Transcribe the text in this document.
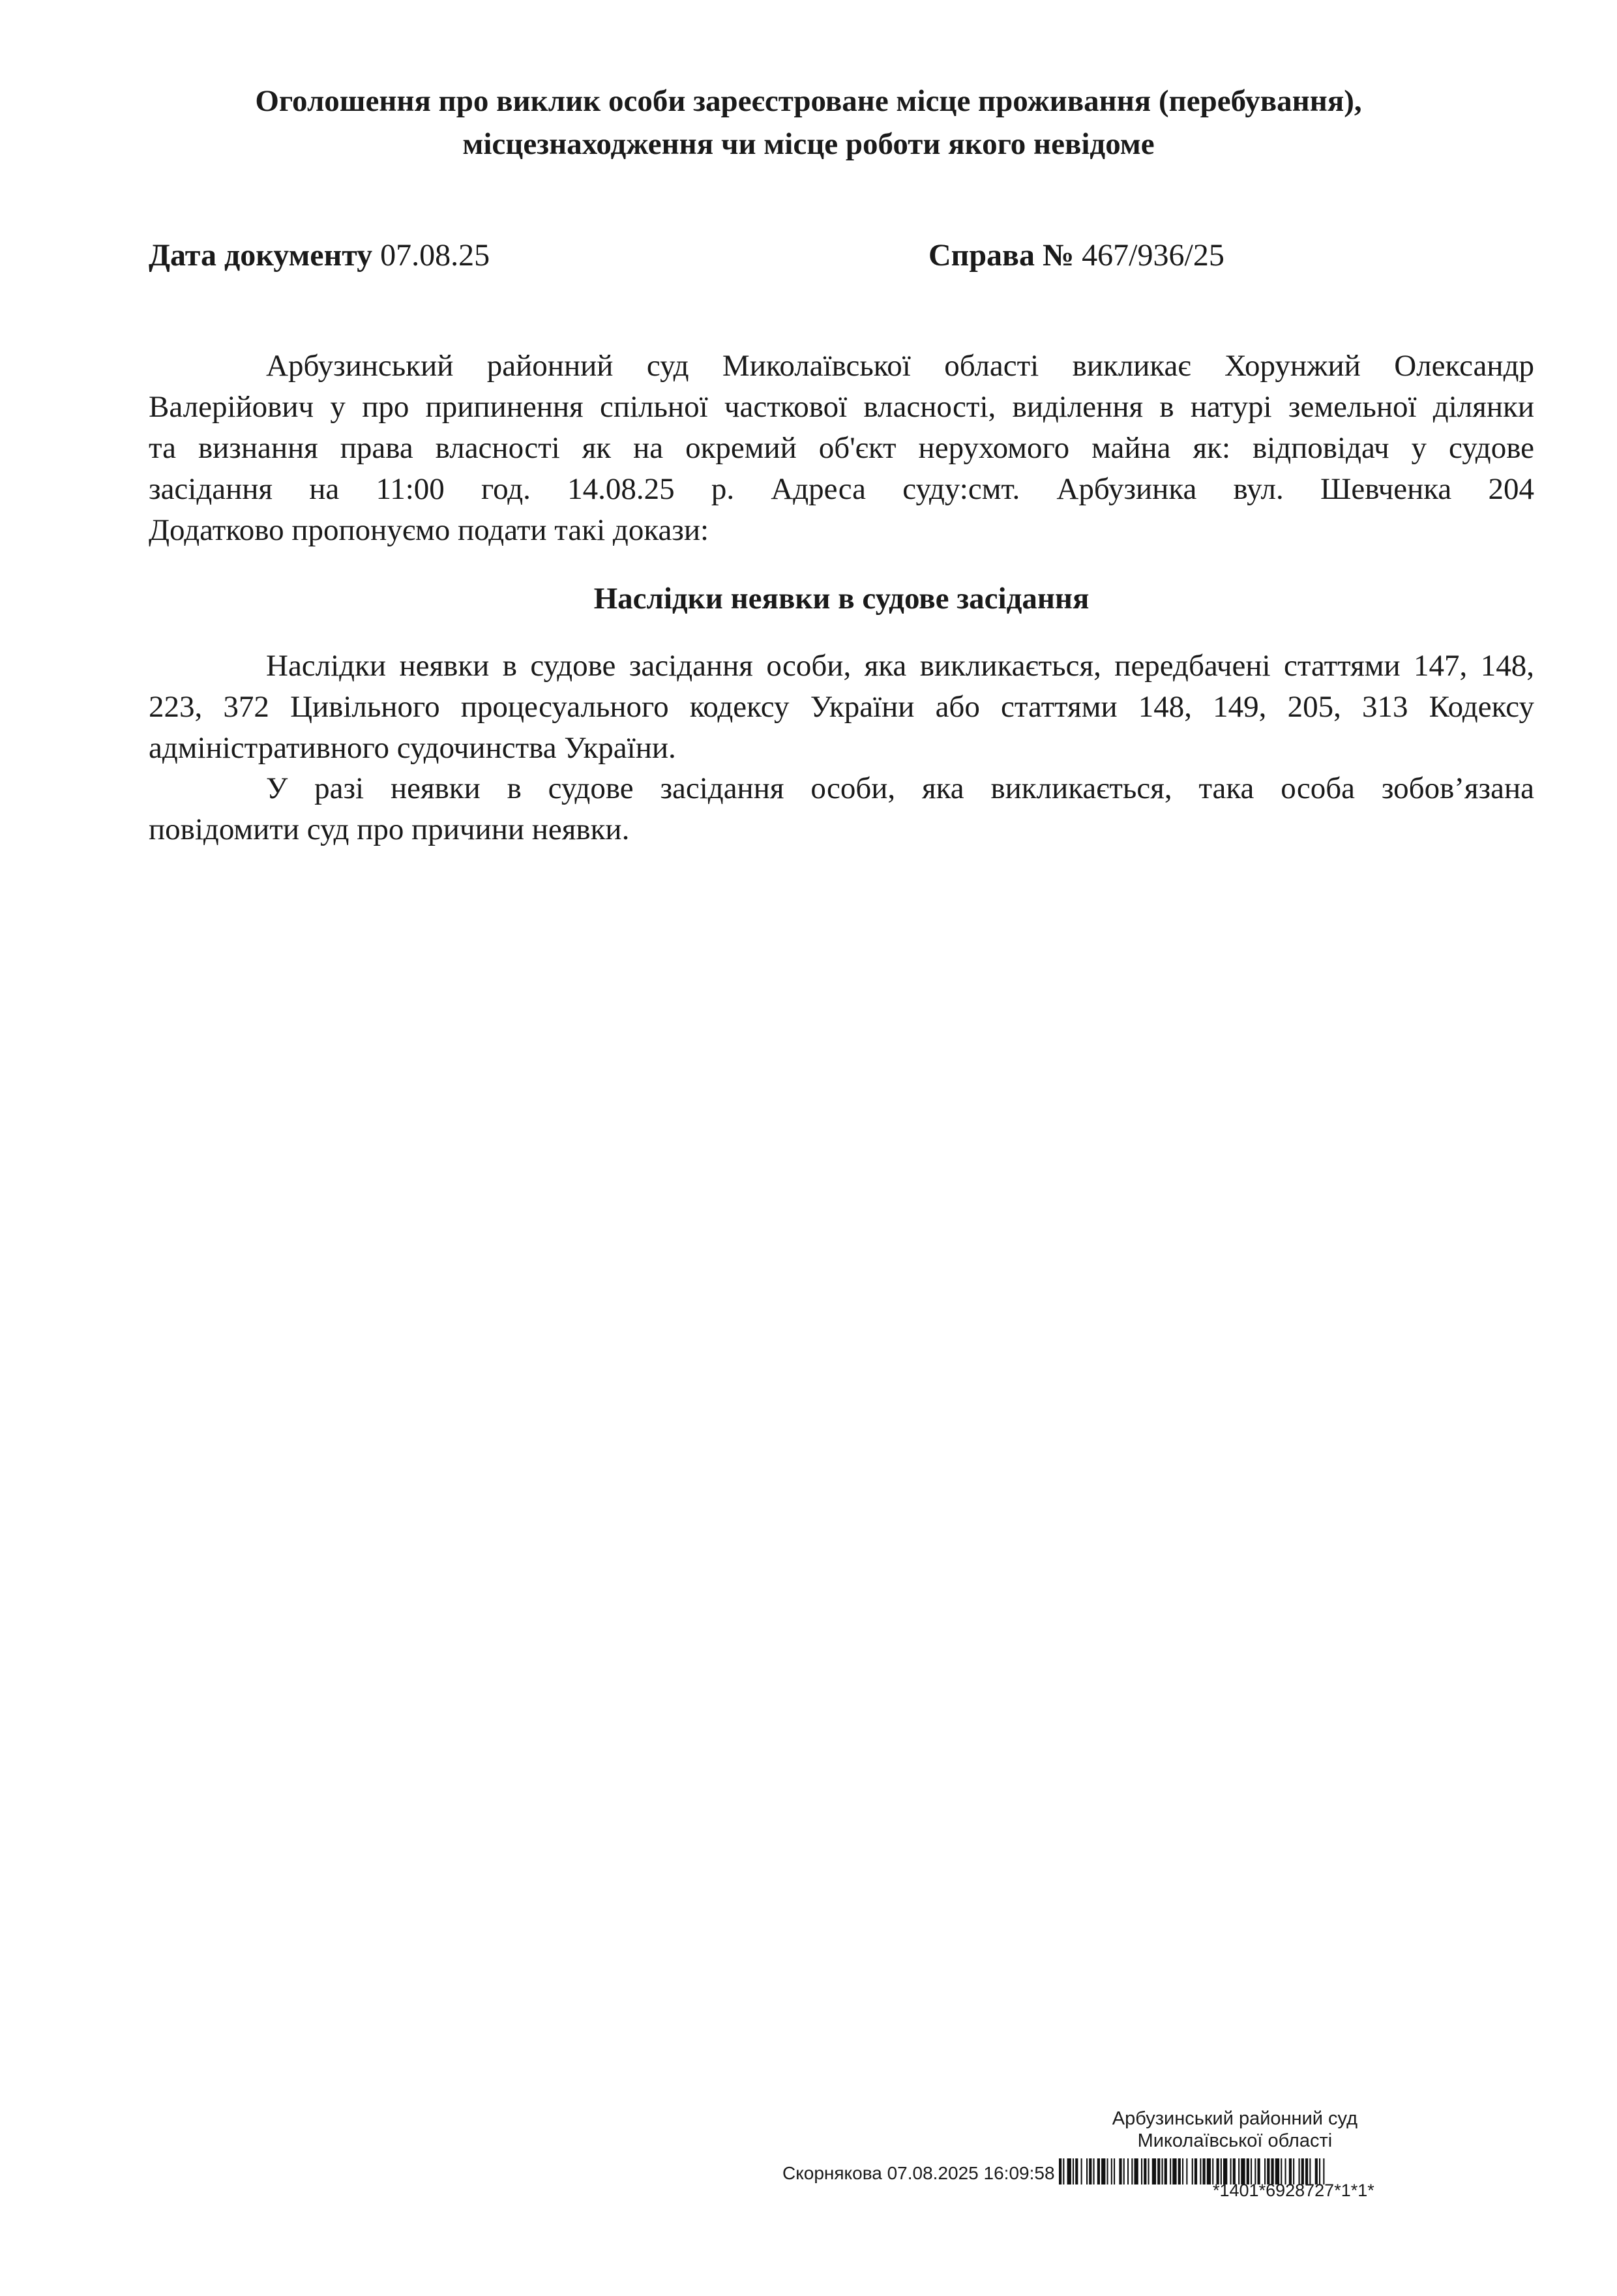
Оголошення про виклик особи зареєстроване місце проживання (перебування),
місцезнаходження чи місце роботи якого невідоме
Дата документу 07.08.25	Справа № 467/936/25
Арбузинський районний суд Миколаївської області викликає Хорунжий Олександр
Валерійович у про припинення спільної часткової власності, виділення в натурі земельної ділянки
та визнання права власності як на окремий об'єкт нерухомого майна як: відповідач у судове
засідання на 11:00 год. 14.08.25 р. Адреса суду:смт. Арбузинка вул. Шевченка 204
Додатково пропонуємо подати такі докази:
Наслідки неявки в судове засідання
Наслідки неявки в судове засідання особи, яка викликається, передбачені статтями 147, 148,
223, 372 Цивільного процесуального кодексу України або статтями 148, 149, 205, 313 Кодексу
адміністративного судочинства України.
У разі неявки в судове засідання особи, яка викликається, така особа зобов’язана
повідомити суд про причини неявки.
Арбузинський районний суд
Миколаївської області
Скорнякова 07.08.2025 16:09:58
*1401*6928727*1*1*
